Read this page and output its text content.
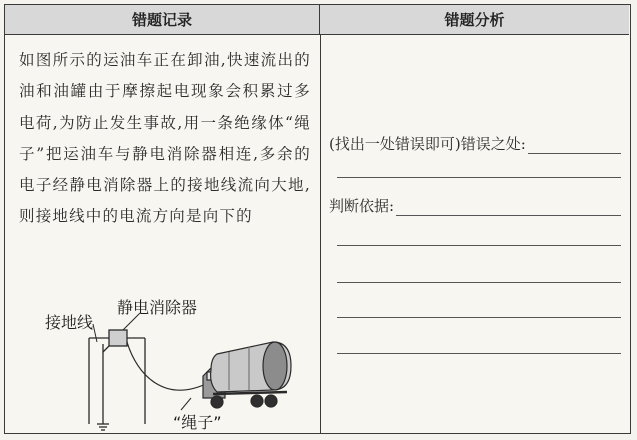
错题记录	错题分析
如图所示的运油车正在卸油,快速流出的油和油罐由于摩擦起电现象会积累过多电荷,为防止发生事故,用一条绝缘体“绳子”把运油车与静电消除器相连,多余的电子经静电消除器上的接地线流向大地,则接地线中的电流方向是向下的
静电消除器
接地线
“绳子”
(找出一处错误即可)错误之处:
判断依据:
